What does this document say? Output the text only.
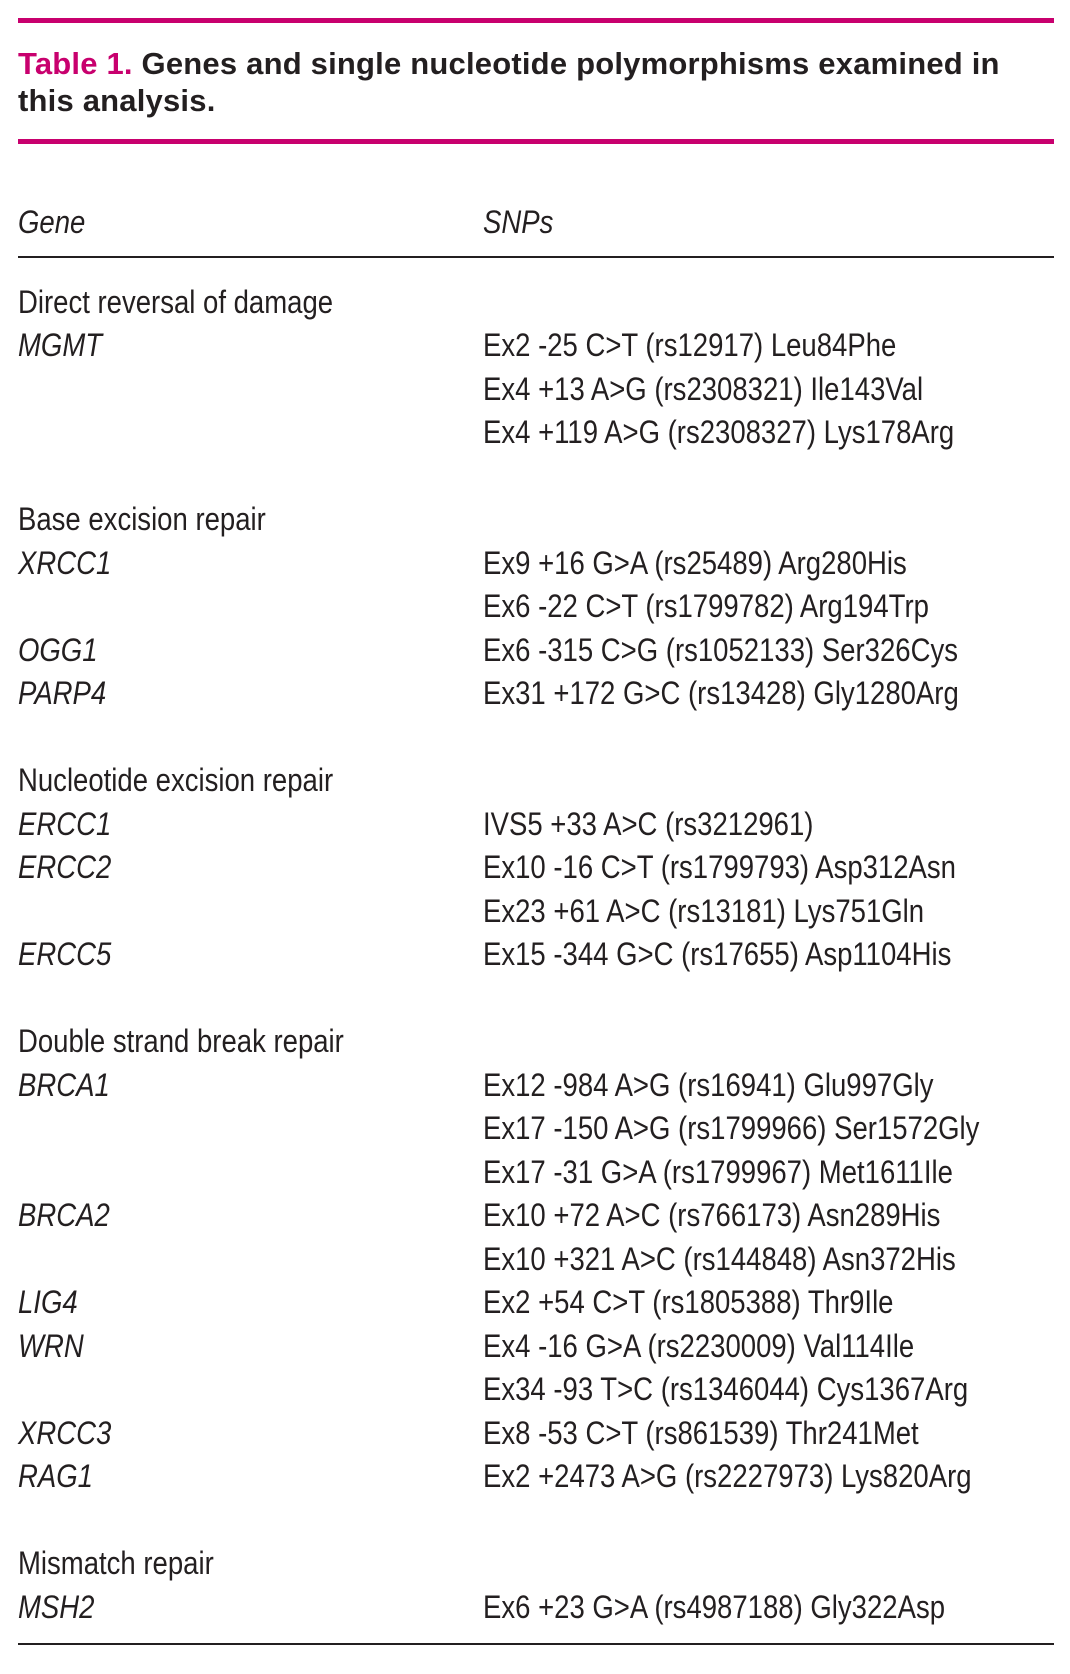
Table 1. Genes and single nucleotide polymorphisms examined in this analysis.
Gene	SNPs
Direct reversal of damage
MGMT	Ex2 -25 C>T (rs12917) Leu84Phe
Ex4 +13 A>G (rs2308321) Ile143Val
Ex4 +119 A>G (rs2308327) Lys178Arg
Base excision repair
XRCC1	Ex9 +16 G>A (rs25489) Arg280His
Ex6 -22 C>T (rs1799782) Arg194Trp
OGG1	Ex6 -315 C>G (rs1052133) Ser326Cys
PARP4	Ex31 +172 G>C (rs13428) Gly1280Arg
Nucleotide excision repair
ERCC1	IVS5 +33 A>C (rs3212961)
ERCC2	Ex10 -16 C>T (rs1799793) Asp312Asn
Ex23 +61 A>C (rs13181) Lys751Gln
ERCC5	Ex15 -344 G>C (rs17655) Asp1104His
Double strand break repair
BRCA1	Ex12 -984 A>G (rs16941) Glu997Gly
Ex17 -150 A>G (rs1799966) Ser1572Gly
Ex17 -31 G>A (rs1799967) Met1611Ile
BRCA2	Ex10 +72 A>C (rs766173) Asn289His
Ex10 +321 A>C (rs144848) Asn372His
LIG4	Ex2 +54 C>T (rs1805388) Thr9Ile
WRN	Ex4 -16 G>A (rs2230009) Val114Ile
Ex34 -93 T>C (rs1346044) Cys1367Arg
XRCC3	Ex8 -53 C>T (rs861539) Thr241Met
RAG1	Ex2 +2473 A>G (rs2227973) Lys820Arg
Mismatch repair
MSH2	Ex6 +23 G>A (rs4987188) Gly322Asp
